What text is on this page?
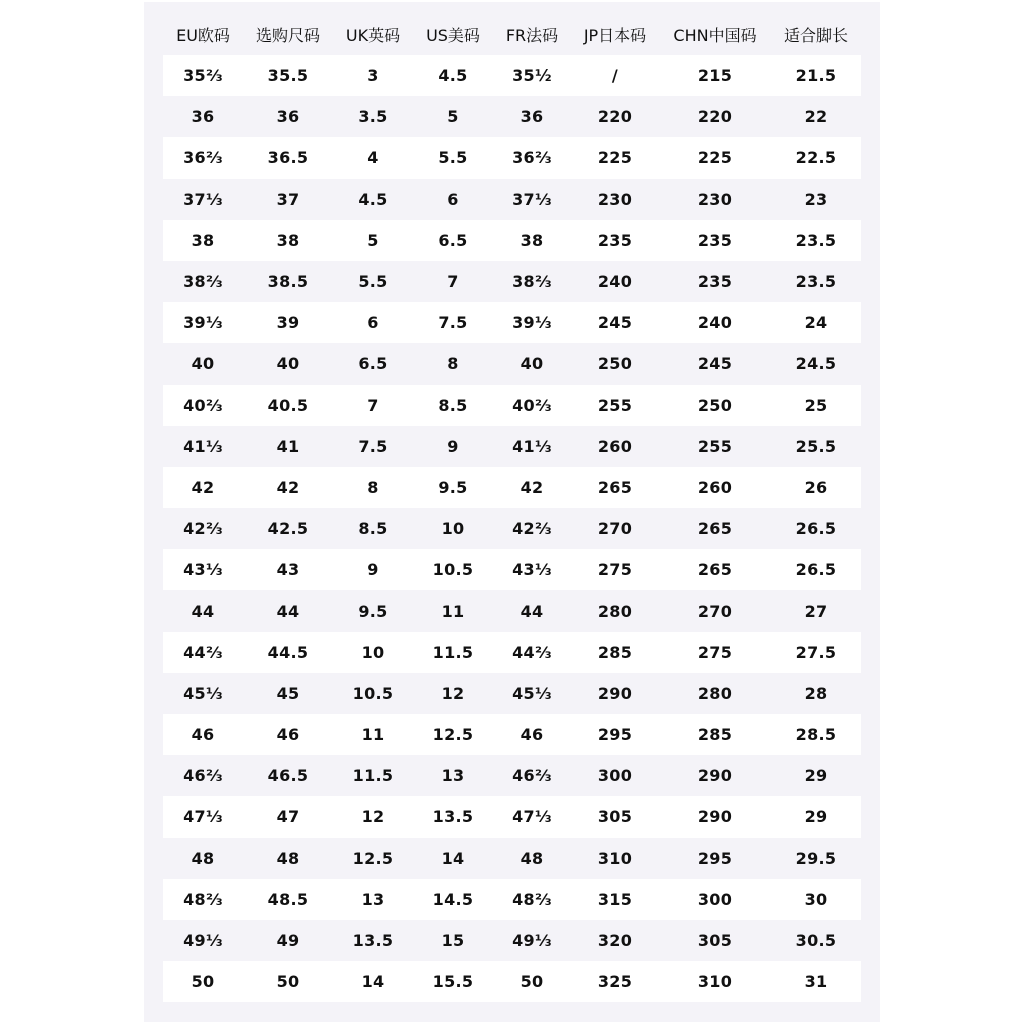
EU欧码	选购尺码	UK英码	US美码	FR法码	JP日本码	CHN中国码	适合脚长
35⅔	35.5	3	4.5	35½	/	215	21.5
36	36	3.5	5	36	220	220	22
36⅔	36.5	4	5.5	36⅔	225	225	22.5
37⅓	37	4.5	6	37⅓	230	230	23
38	38	5	6.5	38	235	235	23.5
38⅔	38.5	5.5	7	38⅔	240	235	23.5
39⅓	39	6	7.5	39⅓	245	240	24
40	40	6.5	8	40	250	245	24.5
40⅔	40.5	7	8.5	40⅔	255	250	25
41⅓	41	7.5	9	41⅓	260	255	25.5
42	42	8	9.5	42	265	260	26
42⅔	42.5	8.5	10	42⅔	270	265	26.5
43⅓	43	9	10.5	43⅓	275	265	26.5
44	44	9.5	11	44	280	270	27
44⅔	44.5	10	11.5	44⅔	285	275	27.5
45⅓	45	10.5	12	45⅓	290	280	28
46	46	11	12.5	46	295	285	28.5
46⅔	46.5	11.5	13	46⅔	300	290	29
47⅓	47	12	13.5	47⅓	305	290	29
48	48	12.5	14	48	310	295	29.5
48⅔	48.5	13	14.5	48⅔	315	300	30
49⅓	49	13.5	15	49⅓	320	305	30.5
50	50	14	15.5	50	325	310	31
